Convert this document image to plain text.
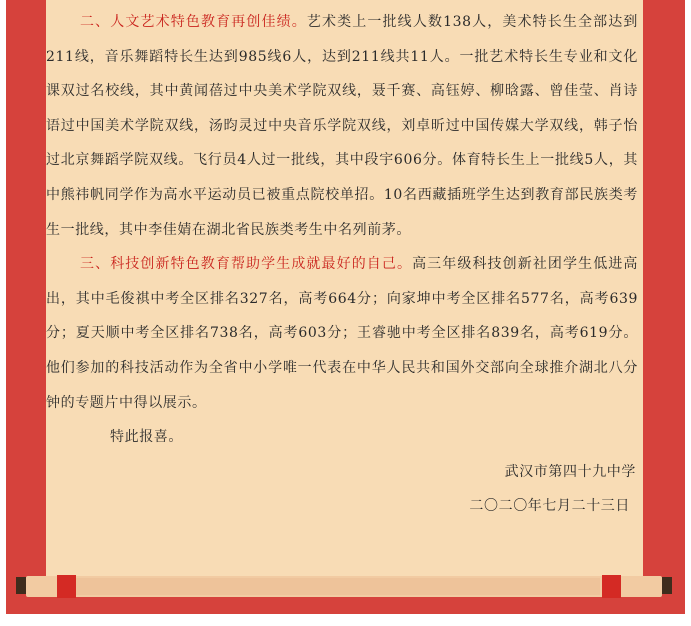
二、人文艺术特色教育再创佳绩。艺术类上一批线人数138人，美术特长生全部达到211线，音乐舞蹈特长生达到985线6人，达到211线共11人。一批艺术特长生专业和文化课双过名校线，其中黄闻蓓过中央美术学院双线，聂千赛、高钰婷、柳晗露、曾佳莹、肖诗语过中国美术学院双线，汤昀灵过中央音乐学院双线，刘卓昕过中国传媒大学双线，韩子怡过北京舞蹈学院双线。飞行员4人过一批线，其中段宇606分。体育特长生上一批线5人，其中熊祎帆同学作为高水平运动员已被重点院校单招。10名西藏插班学生达到教育部民族类考生一批线，其中李佳婧在湖北省民族类考生中名列前茅。

三、科技创新特色教育帮助学生成就最好的自己。高三年级科技创新社团学生低进高出，其中毛俊祺中考全区排名327名，高考664分；向家坤中考全区排名577名，高考639分；夏天顺中考全区排名738名，高考603分；王睿驰中考全区排名839名，高考619分。他们参加的科技活动作为全省中小学唯一代表在中华人民共和国外交部向全球推介湖北八分钟的专题片中得以展示。

特此报喜。

武汉市第四十九中学

二〇二〇年七月二十三日
